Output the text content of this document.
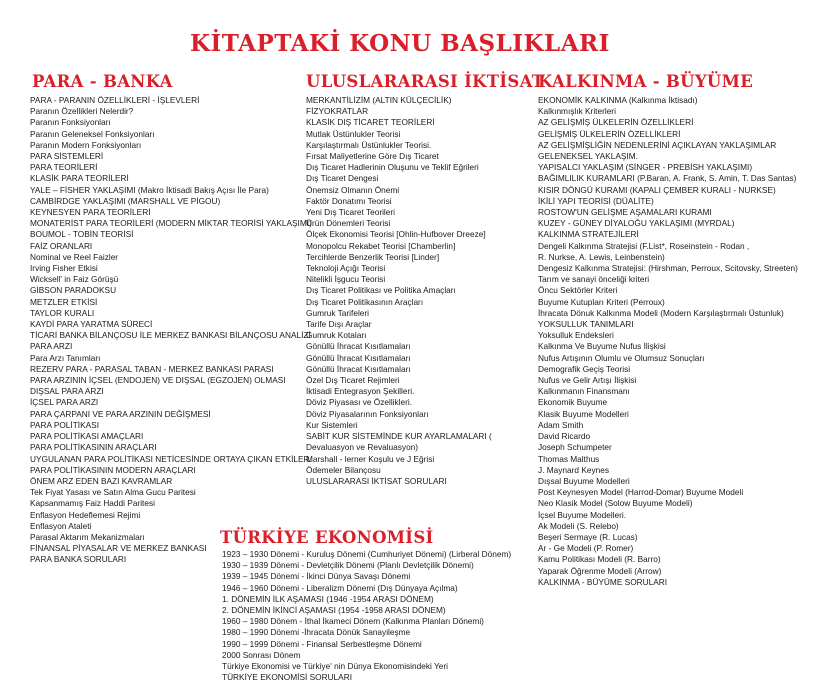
KİTAPTAKİ KONU BAŞLIKLARI
PARA - BANKA
PARA - PARANIN ÖZELLİKLERİ - İŞLEVLERİ
Paranın Özellikleri Nelerdir?
Paranın Fonksiyonları
Paranın Geleneksel Fonksiyonları
Paranın Modern Fonksiyonları
PARA SİSTEMLERİ
PARA TEORİLERİ
KLASİK PARA TEORİLERİ
YALE – FİSHER YAKLAŞIMI (Makro İktisadi Bakış Açısı İle Para)
CAMBİRDGE YAKLAŞIMI (MARSHALL VE PİGOU)
KEYNESYEN PARA TEORİLERİ
MONATERİST PARA TEORİLERİ (MODERN MİKTAR TEORİSİ YAKLAŞIMI)
BOUMOL - TOBİN TEORİSİ
FAİZ ORANLARI
Nominal ve Reel Faizler
Irving Fisher Etkisi
Wicksell' in Faiz Görüşü
GİBSON PARADOKSU
METZLER ETKİSİ
TAYLOR KURALI
KAYDİ PARA YARATMA SÜRECİ
TİCARİ BANKA BİLANÇOSU İLE MERKEZ BANKASI BİLANÇOSU ANALİZİ
PARA ARZI
Para Arzı Tanımları
REZERV PARA - PARASAL TABAN - MERKEZ BANKASI PARASI
PARA ARZININ İÇSEL (ENDOJEN) VE DIŞSAL (EGZOJEN) OLMASI
DIŞSAL PARA ARZI
İÇSEL PARA ARZI
PARA ÇARPANI VE PARA ARZININ DEĞİŞMESİ
PARA POLİTİKASI
PARA POLİTİKASI AMAÇLARI
PARA POLİTİKASININ ARAÇLARI
UYGULANAN PARA POLİTİKASI NETİCESİNDE ORTAYA ÇIKAN ETKİLER.
PARA POLİTİKASININ MODERN ARAÇLARI
ÖNEM ARZ EDEN BAZI KAVRAMLAR
Tek Fiyat Yasası ve Satın Alma Gucu Paritesi
Kapsanmamış Faiz Haddi Paritesi
Enflasyon Hedeflemesi Rejimi
Enflasyon Ataleti
Parasal Aktarım Mekanizmaları
FİNANSAL PİYASALAR VE MERKEZ BANKASI
PARA BANKA SORULARI
ULUSLARARASI İKTİSAT
MERKANTİLİZİM (ALTIN KÜLÇECİLİK)
FİZYOKRATLAR
KLASİK DIŞ TİCARET TEORİLERİ
Mutlak Üstünlukler Teorisi
Karşılaştırmalı Üstünlukler Teorisi.
Fırsat Maliyetlerine Göre Dış Ticaret
Dış Ticaret Hadlerinin Oluşunu ve Teklif Eğrileri
Dış Ticaret Dengesi
Önemsiz Olmanın Önemi
Faktör Donatımı Teorisi
Yeni Dış Ticaret Teorileri
Ürün Dönemleri Teorisi
Ölçek Ekonomisi Teorisi [Ohlin-Hufbover Dreeze]
Monopolcu Rekabet Teorisi [Chamberlin]
Tercihlerde Benzerlik Teorisi [Linder]
Teknoloji Açığı Teorisi
Nitelikli İşgucu Teorisi
Dış Ticaret Politikası ve Politika Amaçları
Dış Ticaret Politikasının Araçları
Gumruk Tarifeleri
Tarife Dışı Araçlar
Gumruk Kotaları
Gönüllü İhracat Kısıtlamaları
Gönüllü İhracat Kısıtlamaları
Gönüllü İhracat Kısıtlamaları
Özel Dış Ticaret Rejimleri
İktisadi Entegrasyon Şekilleri.
Döviz Piyasası ve Özellikleri.
Döviz Piyasalarının Fonksiyonları
Kur Sistemleri
SABİT KUR SİSTEMİNDE KUR AYARLAMALARI (
Devaluasyon ve Revaluasyon)
Marshall - lerner Koşulu ve J Eğrisi
Ödemeler Bilançosu
ULUSLARARASI İKTİSAT SORULARI
KALKINMA - BÜYÜME
EKONOMİK KALKINMA (Kalkınma İktisadı)
Kalkınmışlık Kriterleri
AZ GELİŞMİŞ ÜLKELERİN ÖZELLİKLERİ
GELİŞMİŞ ÜLKELERİN ÖZELLİKLERİ
AZ GELİŞMİŞLİĞİN NEDENLERİNİ AÇIKLAYAN YAKLAŞIMLAR
GELENEKSEL YAKLAŞIM.
YAPISALCI YAKLAŞIM (SİNGER - PREBİSH YAKLAŞIMI)
BAĞIMLILIK KURAMLARI (P.Baran, A. Frank, S. Amin, T. Das Santas)
KISIR DÖNGÜ KURAMI (KAPALI ÇEMBER KURALI - NURKSE)
İKİLİ YAPI TEORİSİ (DÜALİTE)
ROSTOW'UN GELİŞME AŞAMALARI KURAMI
KUZEY - GÜNEY DİYALOĞU YAKLAŞIMI (MYRDAL)
KALKINMA STRATEJİLERİ
Dengeli Kalkınma Stratejisi (F.List*, Roseinstein - Rodan ,
R. Nurkse, A. Lewis, Leinbenstein)
Dengesiz Kalkınma Stratejisi: (Hirshman, Perroux, Scitovsky, Streeten)
Tarım ve sanayi önceliği kriteri
Öncu Sektörler Kriteri
Buyume Kutupları Kriteri (Perroux)
İhracata Dönuk Kalkınma Modeli (Modern Karşılaştırmalı Üstunluk)
YOKSULLUK TANIMLARI
Yoksulluk Endeksleri
Kalkınma Ve Buyume Nufus İlişkisi
Nufus Artışının Olumlu ve Olumsuz Sonuçları
Demografik Geçiş Teorisi
Nufus ve Gelir Artışı İlişkisi
Kalkınmanın Finansmanı
Ekonomik Buyume
Klasik Buyume Modelleri
Adam Smith
David Ricardo
Joseph Schumpeter
Thomas Malthus
J. Maynard Keynes
Dışsal Buyume Modelleri
Post Keynesyen Model (Harrod-Domar) Buyume Modeli
Neo Klasik Model (Solow Buyume Modeli)
İçsel Buyume Modelleri.
Ak Modeli (S. Relebo)
Beşeri Sermaye (R. Lucas)
Ar - Ge Modeli (P. Romer)
Kamu Politikası Modeli (R. Barro)
Yaparak Öğrenme Modeli (Arrow)
KALKINMA - BÜYÜME SORULARI
TÜRKİYE EKONOMİSİ
1923 – 1930 Dönemi - Kuruluş Dönemi (Cumhuriyet Dönemi) (Lirberal Dönem)
1930 – 1939 Dönemi - Devletçilik Dönemi (Planlı Devletçilik Dönemi)
1939 – 1945 Dönemi - İkinci Dünya Savaşı Dönemi
1946 – 1960 Dönemi - Liberalizm Dönemi (Dış Dünyaya Açılma)
1. DÖNEMİN İLK AŞAMASI (1946 -1954 ARASI DÖNEM)
2. DÖNEMİN İKİNCİ AŞAMASI (1954 -1958 ARASI DÖNEM)
1960 – 1980 Dönem - İthal İkameci Dönem (Kalkınma Planları Dönemi)
1980 – 1990 Dönemi -İhracata Dönük Sanayileşme
1990 – 1999 Dönemi - Finansal Serbestleşme Dönemi
2000 Sonrası Dönem
Türkiye Ekonomisi ve Türkiye' nin Dünya Ekonomisindeki Yeri
TÜRKİYE EKONOMİSİ SORULARI
